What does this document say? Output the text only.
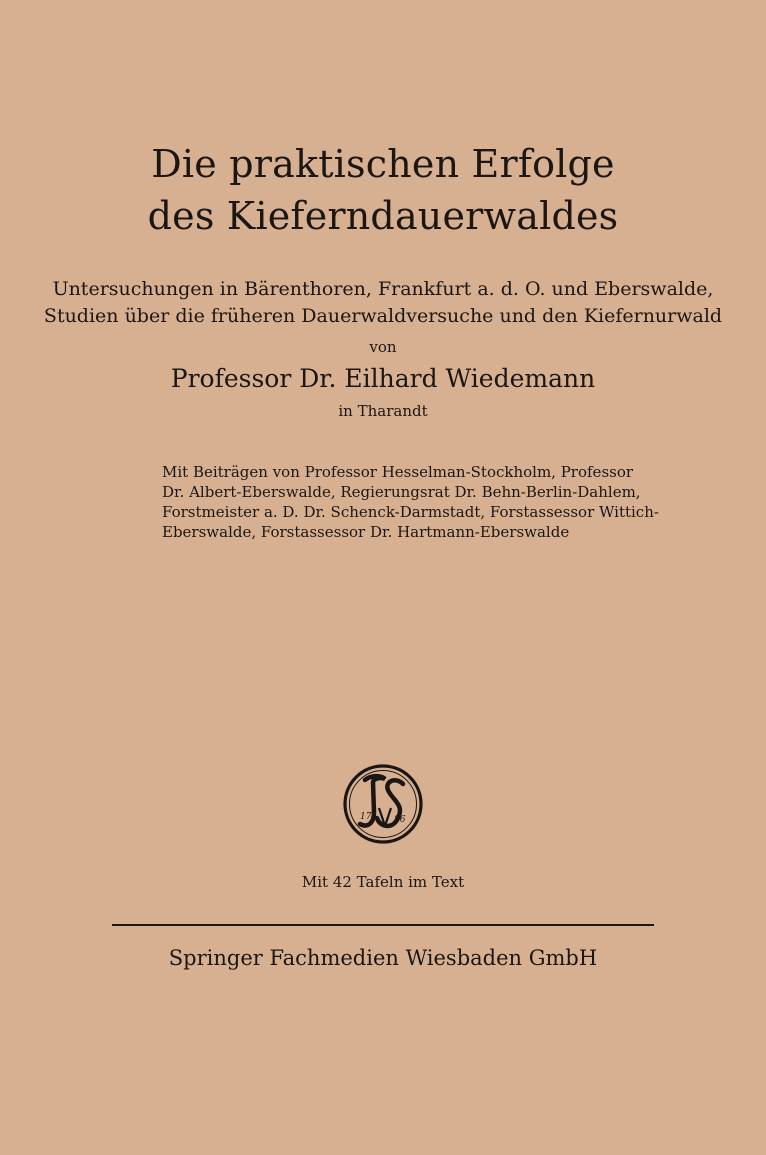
Die praktischen Erfolge
des Kieferndauerwaldes
Untersuchungen in Bärenthoren, Frankfurt a. d. O. und Eberswalde,
Studien über die früheren Dauerwaldversuche und den Kiefernurwald
von
Professor Dr. Eilhard Wiedemann
in Tharandt
Mit Beiträgen von Professor Hesselman-Stockholm, Professor
Dr. Albert-Eberswalde, Regierungsrat Dr. Behn-Berlin-Dahlem,
Forstmeister a. D. Dr. Schenck-Darmstadt, Forstassessor Wittich-
Eberswalde, Forstassessor Dr. Hartmann-Eberswalde
17	86
Mit 42 Tafeln im Text
Springer Fachmedien Wiesbaden GmbH
